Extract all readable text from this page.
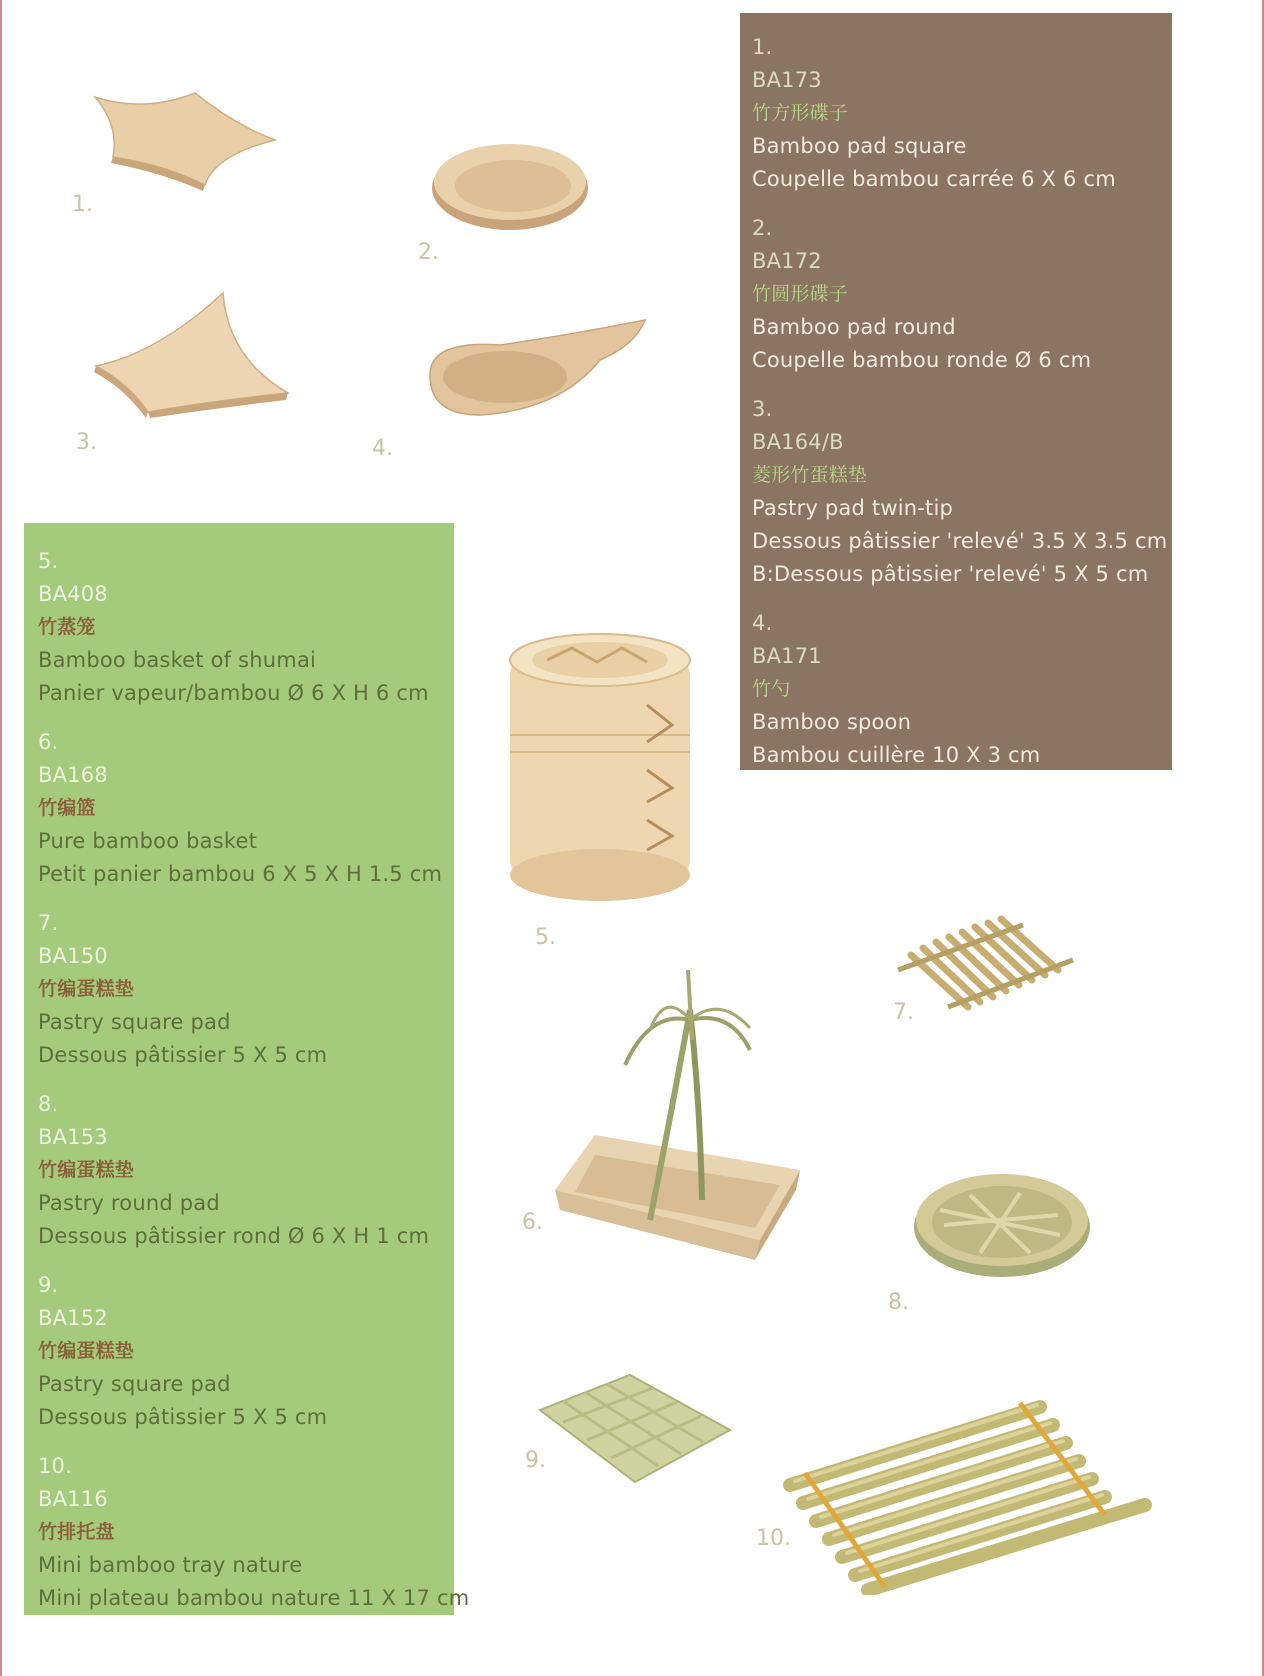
1.
BA173
竹方形碟子
Bamboo pad square
Coupelle bambou carrée 6 X 6 cm
2.
BA172
竹圆形碟子
Bamboo pad round
Coupelle bambou ronde Ø 6 cm
3.
BA164/B
菱形竹蛋糕垫
Pastry pad twin-tip
Dessous pâtissier 'relevé' 3.5 X 3.5 cm
B:Dessous pâtissier 'relevé' 5 X 5 cm
4.
BA171
竹勺
Bamboo spoon
Bambou cuillère 10 X 3 cm
5.
BA408
竹蒸笼
Bamboo basket of shumai
Panier vapeur/bambou Ø 6 X H 6 cm
6.
BA168
竹编篮
Pure bamboo basket
Petit panier bambou 6 X 5 X H 1.5 cm
7.
BA150
竹编蛋糕垫
Pastry square pad
Dessous pâtissier 5 X 5 cm
8.
BA153
竹编蛋糕垫
Pastry round pad
Dessous pâtissier rond Ø 6 X H 1 cm
9.
BA152
竹编蛋糕垫
Pastry square pad
Dessous pâtissier 5 X 5 cm
10.
BA116
竹排托盘
Mini bamboo tray nature
Mini plateau bambou nature 11 X 17 cm
1.
2.
3.	4.
5.
6.
7.
8.
9.
10.
